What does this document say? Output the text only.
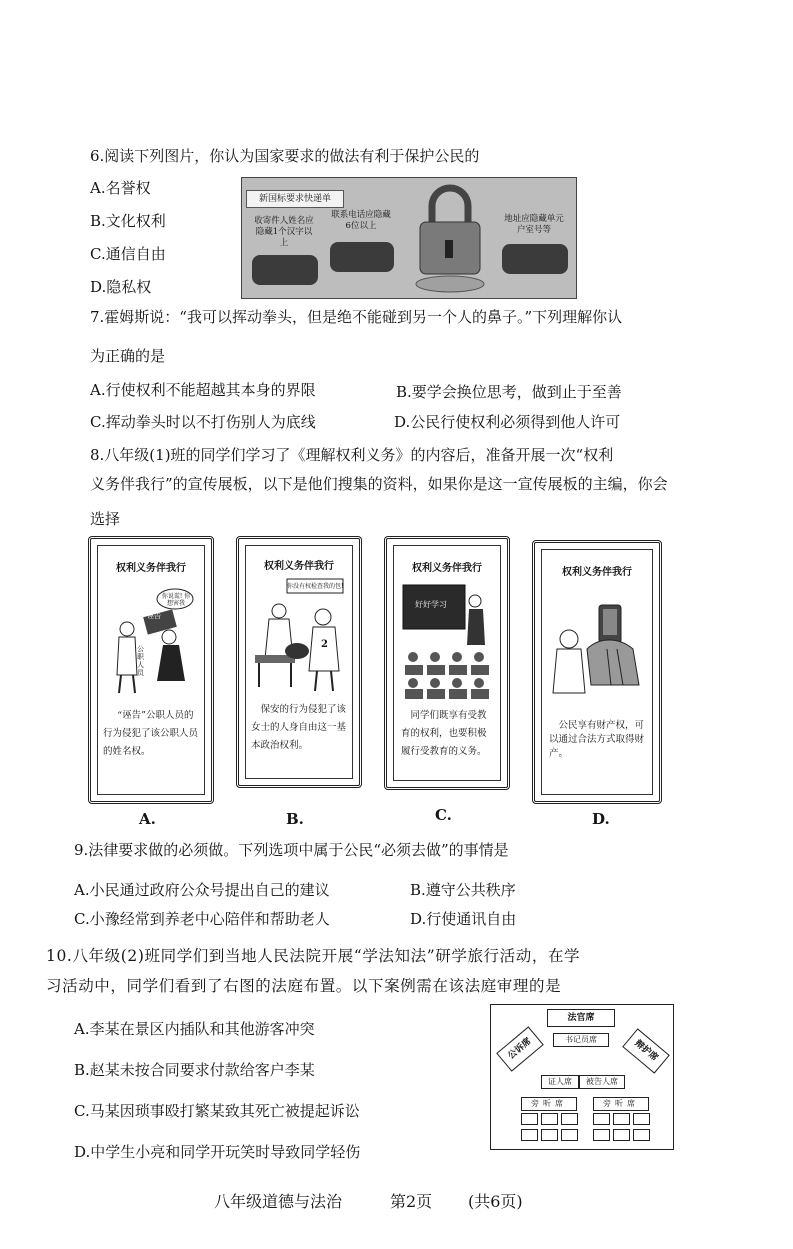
6.阅读下列图片，你认为国家要求的做法有利于保护公民的
A.名誉权
B.文化权利
C.通信自由
D.隐私权
新国标要求快递单
收寄件人姓名应隐藏1个汉字以上
联系电话应隐藏6位以上
地址应隐藏单元户室号等
7.霍姆斯说：“我可以挥动拳头，但是绝不能碰到另一个人的鼻子。”下列理解你认
为正确的是
A.行使权利不能超越其本身的界限	B.要学会换位思考，做到止于至善
C.挥动拳头时以不打伤别人为底线	D.公民行使权利必须得到他人许可
8.八年级(1)班的同学们学习了《理解权利义务》的内容后，准备开展一次“权利
义务伴我行”的宣传展板，以下是他们搜集的资料，如果你是这一宣传展板的主编，你会
选择
权利义务伴我行
你说谎! 你想害我
诬告
公职人员
“诬告”公职人员的行为侵犯了该公职人员的姓名权。
A.
权利义务伴我行
你没有权检查我的包!
2
保安的行为侵犯了该女士的人身自由这一基本政治权利。
B.
权利义务伴我行
好好学习
同学们既享有受教育的权利，也要积极履行受教育的义务。
C.
权利义务伴我行
公民享有财产权，可以通过合法方式取得财产。
D.
9.法律要求做的必须做。下列选项中属于公民“必须去做”的事情是
A.小民通过政府公众号提出自己的建议	B.遵守公共秩序
C.小豫经常到养老中心陪伴和帮助老人	D.行使通讯自由
10.八年级(2)班同学们到当地人民法院开展“学法知法”研学旅行活动，在学
习活动中，同学们看到了右图的法庭布置。以下案例需在该法庭审理的是
A.李某在景区内插队和其他游客冲突
B.赵某未按合同要求付款给客户李某
C.马某因琐事殴打繁某致其死亡被提起诉讼
D.中学生小亮和同学开玩笑时导致同学轻伤
法官席
书记员席
公诉席	辩护席
证人席	被告人席
旁听席	旁听席
八年级道德与法治	第2页 (共6页)
